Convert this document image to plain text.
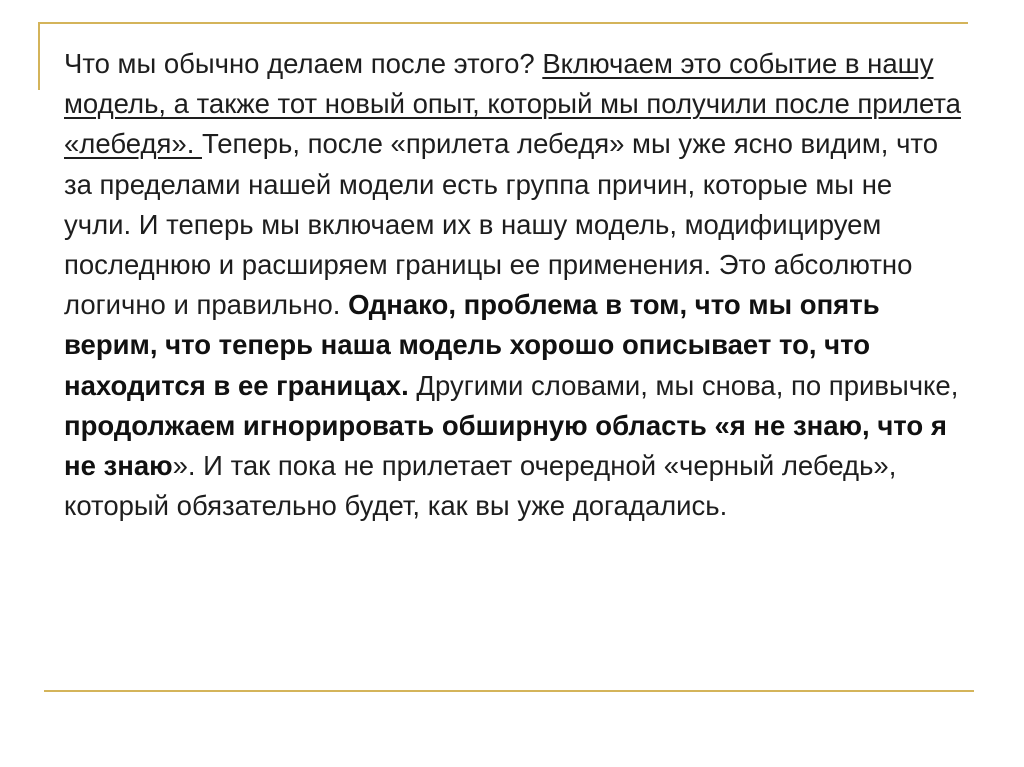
Что мы обычно делаем после этого? Включаем это событие в нашу модель, а также тот новый опыт, который мы получили после прилета «лебедя». Теперь, после «прилета лебедя» мы уже ясно видим, что за пределами нашей модели есть группа причин, которые мы не учли. И теперь мы включаем их в нашу модель, модифицируем последнюю и расширяем границы ее применения. Это абсолютно логично и правильно. Однако, проблема в том, что мы опять верим, что теперь наша модель хорошо описывает то, что находится в ее границах. Другими словами, мы снова, по привычке, продолжаем игнорировать обширную область «я не знаю, что я не знаю». И так пока не прилетает очередной «черный лебедь», который обязательно будет, как вы уже догадались.
